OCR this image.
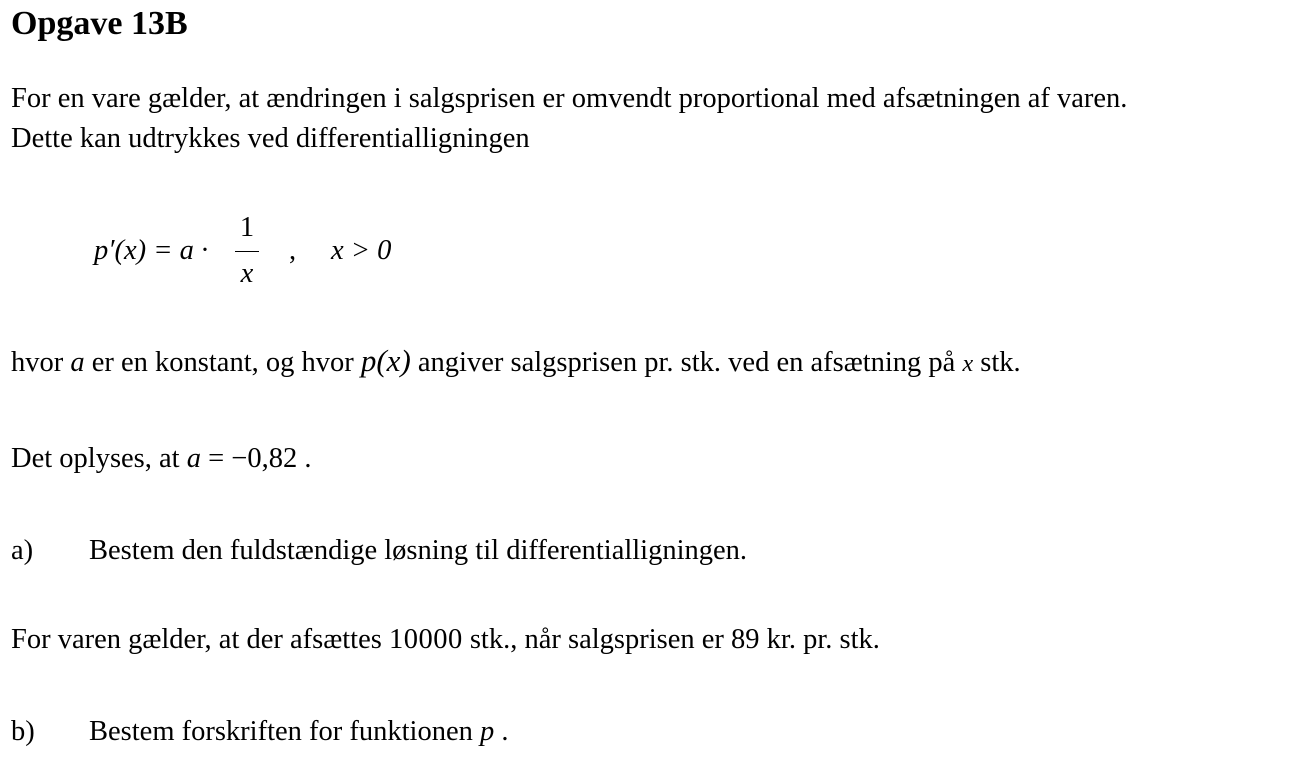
Opgave 13B
For en vare gælder, at ændringen i salgsprisen er omvendt proportional med afsætningen af varen.
Dette kan udtrykkes ved differentialligningen
p′(x) = a ·
1
x
, x > 0
hvor a er en konstant, og hvor p(x) angiver salgsprisen pr. stk. ved en afsætning på x stk.
Det oplyses, at a = −0,82 .
a) Bestem den fuldstændige løsning til differentialligningen.
For varen gælder, at der afsættes 10000 stk., når salgsprisen er 89 kr. pr. stk.
b) Bestem forskriften for funktionen p .
